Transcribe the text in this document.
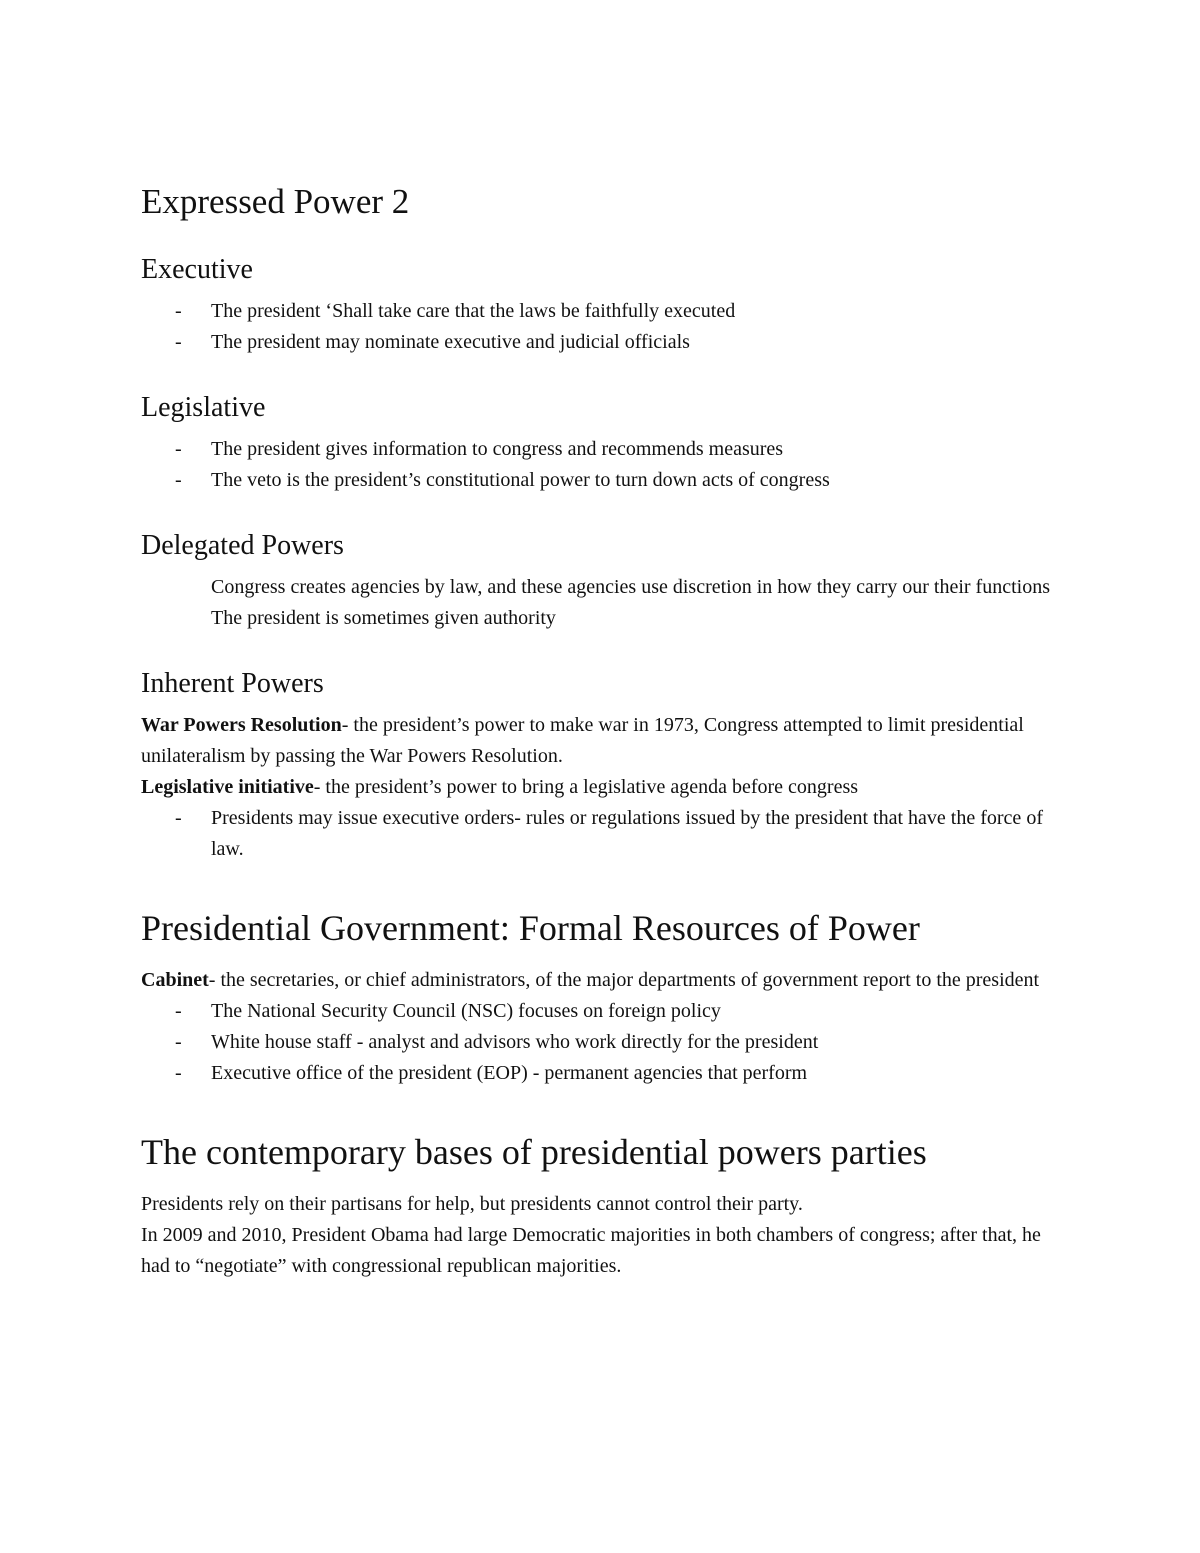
Expressed Power 2
Executive
- The president ‘Shall take care that the laws be faithfully executed
- The president may nominate executive and judicial officials
Legislative
- The president gives information to congress and recommends measures
- The veto is the president’s constitutional power to turn down acts of congress
Delegated Powers

Congress creates agencies by law, and these agencies use discretion in how they carry our their functions

The president is sometimes given authority

Inherent Powers

War Powers Resolution- the president’s power to make war in 1973, Congress attempted to limit presidential unilateralism by passing the War Powers Resolution.

Legislative initiative- the president’s power to bring a legislative agenda before congress

- Presidents may issue executive orders- rules or regulations issued by the president that have the force of law.
Presidential Government: Formal Resources of Power

Cabinet- the secretaries, or chief administrators, of the major departments of government report to the president

- The National Security Council (NSC) focuses on foreign policy
- White house staff - analyst and advisors who work directly for the president
- Executive office of the president (EOP) - permanent agencies that perform
The contemporary bases of presidential powers parties

Presidents rely on their partisans for help, but presidents cannot control their party.

In 2009 and 2010, President Obama had large Democratic majorities in both chambers of congress; after that, he had to “negotiate” with congressional republican majorities.
